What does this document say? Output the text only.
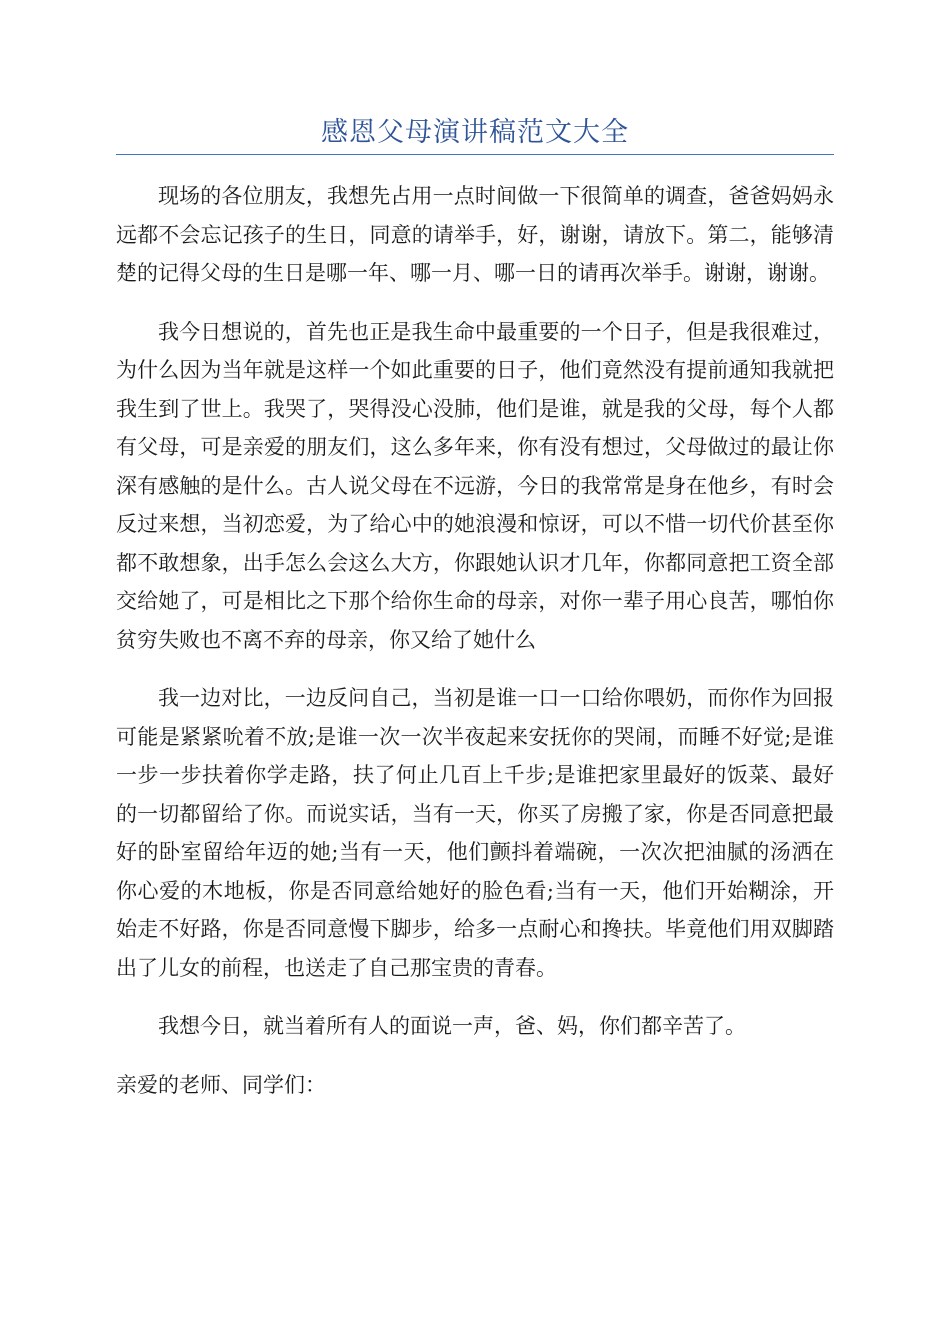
感恩父母演讲稿范文大全

现场的各位朋友，我想先占用一点时间做一下很简单的调查，爸爸妈妈永远都不会忘记孩子的生日，同意的请举手，好，谢谢，请放下。第二，能够清楚的记得父母的生日是哪一年、哪一月、哪一日的请再次举手。谢谢，谢谢。

我今日想说的，首先也正是我生命中最重要的一个日子，但是我很难过，为什么因为当年就是这样一个如此重要的日子，他们竟然没有提前通知我就把我生到了世上。我哭了，哭得没心没肺，他们是谁，就是我的父母，每个人都有父母，可是亲爱的朋友们，这么多年来，你有没有想过，父母做过的最让你深有感触的是什么。古人说父母在不远游，今日的我常常是身在他乡，有时会反过来想，当初恋爱，为了给心中的她浪漫和惊讶，可以不惜一切代价甚至你都不敢想象，出手怎么会这么大方，你跟她认识才几年，你都同意把工资全部交给她了，可是相比之下那个给你生命的母亲，对你一辈子用心良苦，哪怕你贫穷失败也不离不弃的母亲，你又给了她什么

我一边对比，一边反问自己，当初是谁一口一口给你喂奶，而你作为回报可能是紧紧吮着不放;是谁一次一次半夜起来安抚你的哭闹，而睡不好觉;是谁一步一步扶着你学走路，扶了何止几百上千步;是谁把家里最好的饭菜、最好的一切都留给了你。而说实话，当有一天，你买了房搬了家，你是否同意把最好的卧室留给年迈的她;当有一天，他们颤抖着端碗，一次次把油腻的汤洒在你心爱的木地板，你是否同意给她好的脸色看;当有一天，他们开始糊涂，开始走不好路，你是否同意慢下脚步，给多一点耐心和搀扶。毕竟他们用双脚踏出了儿女的前程，也送走了自己那宝贵的青春。

我想今日，就当着所有人的面说一声，爸、妈，你们都辛苦了。

亲爱的老师、同学们：
